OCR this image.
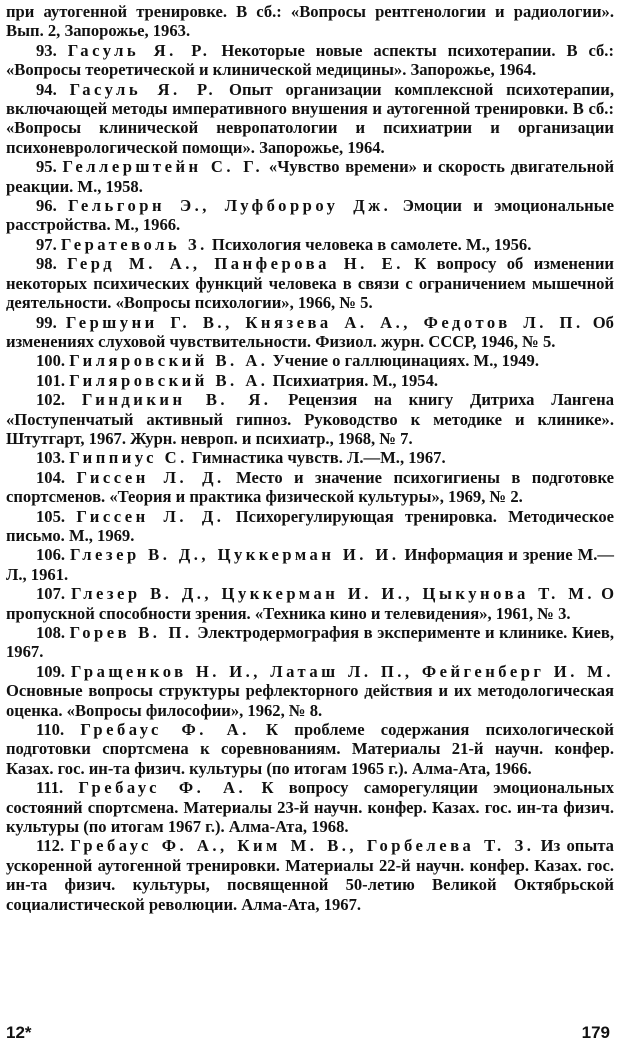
при аутогенной тренировке. В сб.: «Вопросы рентгенологии и радиологии». Вып. 2, Запорожье, 1963.

93. Гасуль Я. Р. Некоторые новые аспекты психотерапии. В сб.: «Вопросы теоретической и клинической медицины». Запорожье, 1964.

94. Гасуль Я. Р. Опыт организации комплексной психотерапии, включающей методы императивного внушения и аутогенной тренировки. В сб.: «Вопросы клинической невропатологии и психиатрии и организации психоневрологической помощи». Запорожье, 1964.

95. Геллерштейн С. Г. «Чувство времени» и скорость двигательной реакции. М., 1958.

96. Гельгорн Э., Луфборроу Дж. Эмоции и эмоциональные расстройства. М., 1966.

97. Гератеволь З. Психология человека в самолете. М., 1956.

98. Герд М. А., Панферова Н. Е. К вопросу об изменении некоторых психических функций человека в связи с ограничением мышечной деятельности. «Вопросы психологии», 1966, № 5.

99. Гершуни Г. В., Князева А. А., Федотов Л. П. Об изменениях слуховой чувствительности. Физиол. журн. СССР, 1946, № 5.

100. Гиляровский В. А. Учение о галлюцинациях. М., 1949.

101. Гиляровский В. А. Психиатрия. М., 1954.

102. Гиндикин В. Я. Рецензия на книгу Дитриха Лангена «Поступенчатый активный гипноз. Руководство к методике и клинике». Штутгарт, 1967. Журн. невроп. и психиатр., 1968, № 7.

103. Гиппиус С. Гимнастика чувств. Л.—М., 1967.

104. Гиссен Л. Д. Место и значение психогигиены в подготовке спортсменов. «Теория и практика физической культуры», 1969, № 2.

105. Гиссен Л. Д. Психорегулирующая тренировка. Методическое письмо. М., 1969.

106. Глезер В. Д., Цуккерман И. И. Информация и зрение М.—Л., 1961.

107. Глезер В. Д., Цуккерман И. И., Цыкунова Т. М. О пропускной способности зрения. «Техника кино и телевидения», 1961, № 3.

108. Горев В. П. Электродермография в эксперименте и клинике. Киев, 1967.

109. Гращенков Н. И., Латаш Л. П., Фейгенберг И. М. Основные вопросы структуры рефлекторного действия и их методологическая оценка. «Вопросы философии», 1962, № 8.

110. Гребаус Ф. А. К проблеме содержания психологической подготовки спортсмена к соревнованиям. Материалы 21-й научн. конфер. Казах. гос. ин-та физич. культуры (по итогам 1965 г.). Алма-Ата, 1966.

111. Гребаус Ф. А. К вопросу саморегуляции эмоциональных состояний спортсмена. Материалы 23-й научн. конфер. Казах. гос. ин-та физич. культуры (по итогам 1967 г.). Алма-Ата, 1968.

112. Гребаус Ф. А., Ким М. В., Горбелева Т. З. Из опыта ускоренной аутогенной тренировки. Материалы 22-й научн. конфер. Казах. гос. ин-та физич. культуры, посвященной 50-летию Великой Октябрьской социалистической революции. Алма-Ата, 1967.

12*	179
